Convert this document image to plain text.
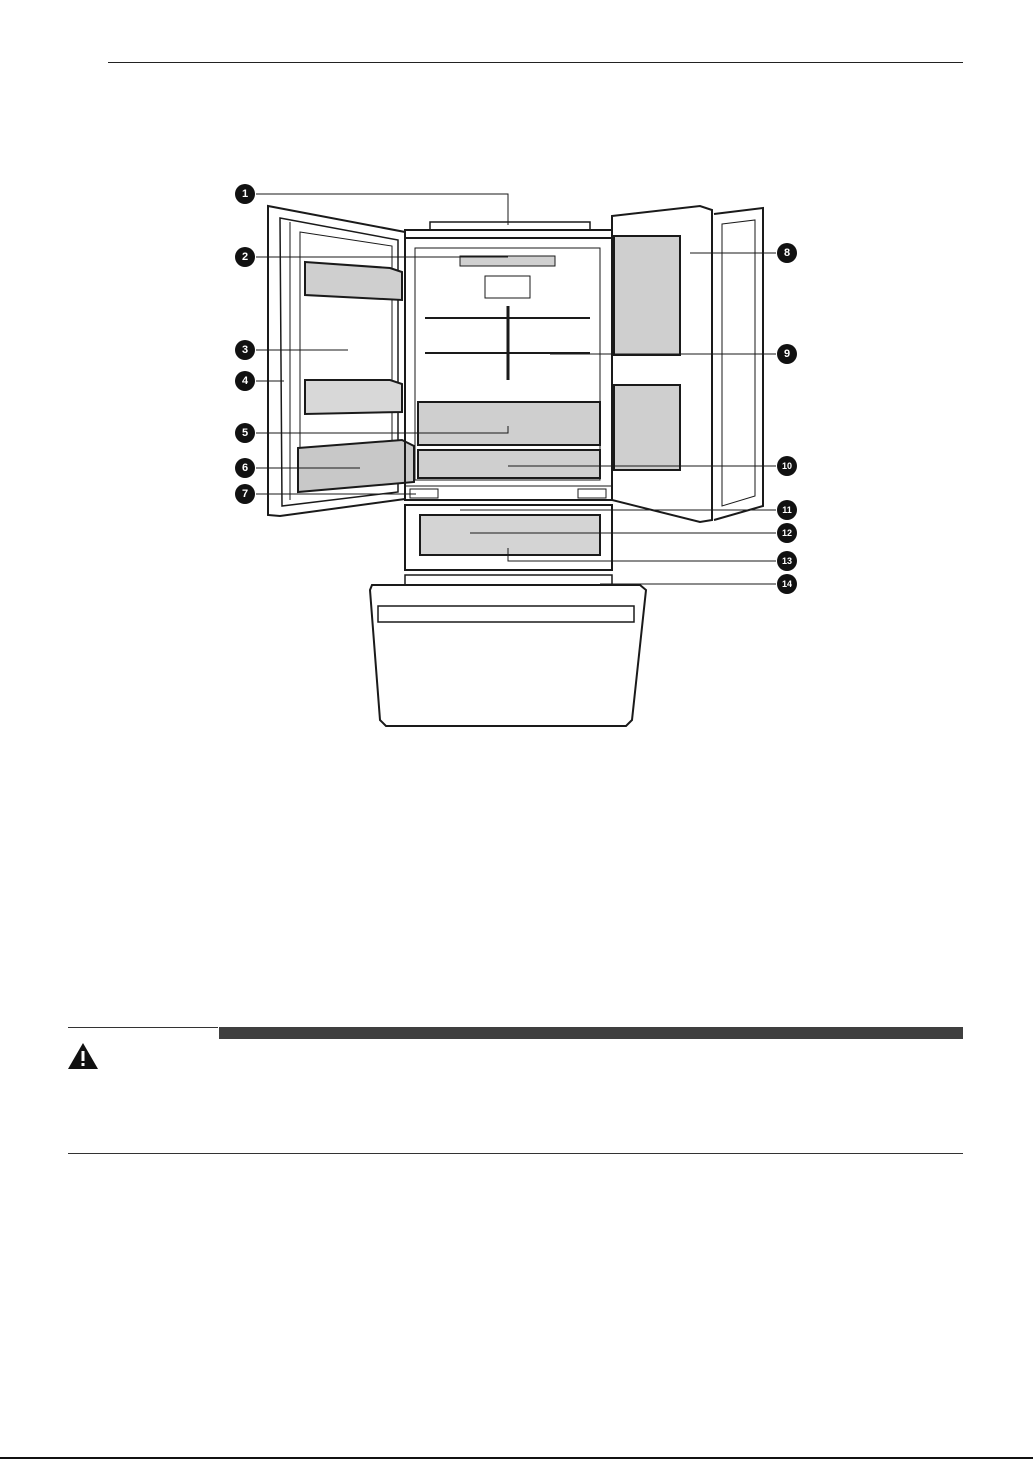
1
2
3
4
5
6
7
8
9
10
11
12
13
14
